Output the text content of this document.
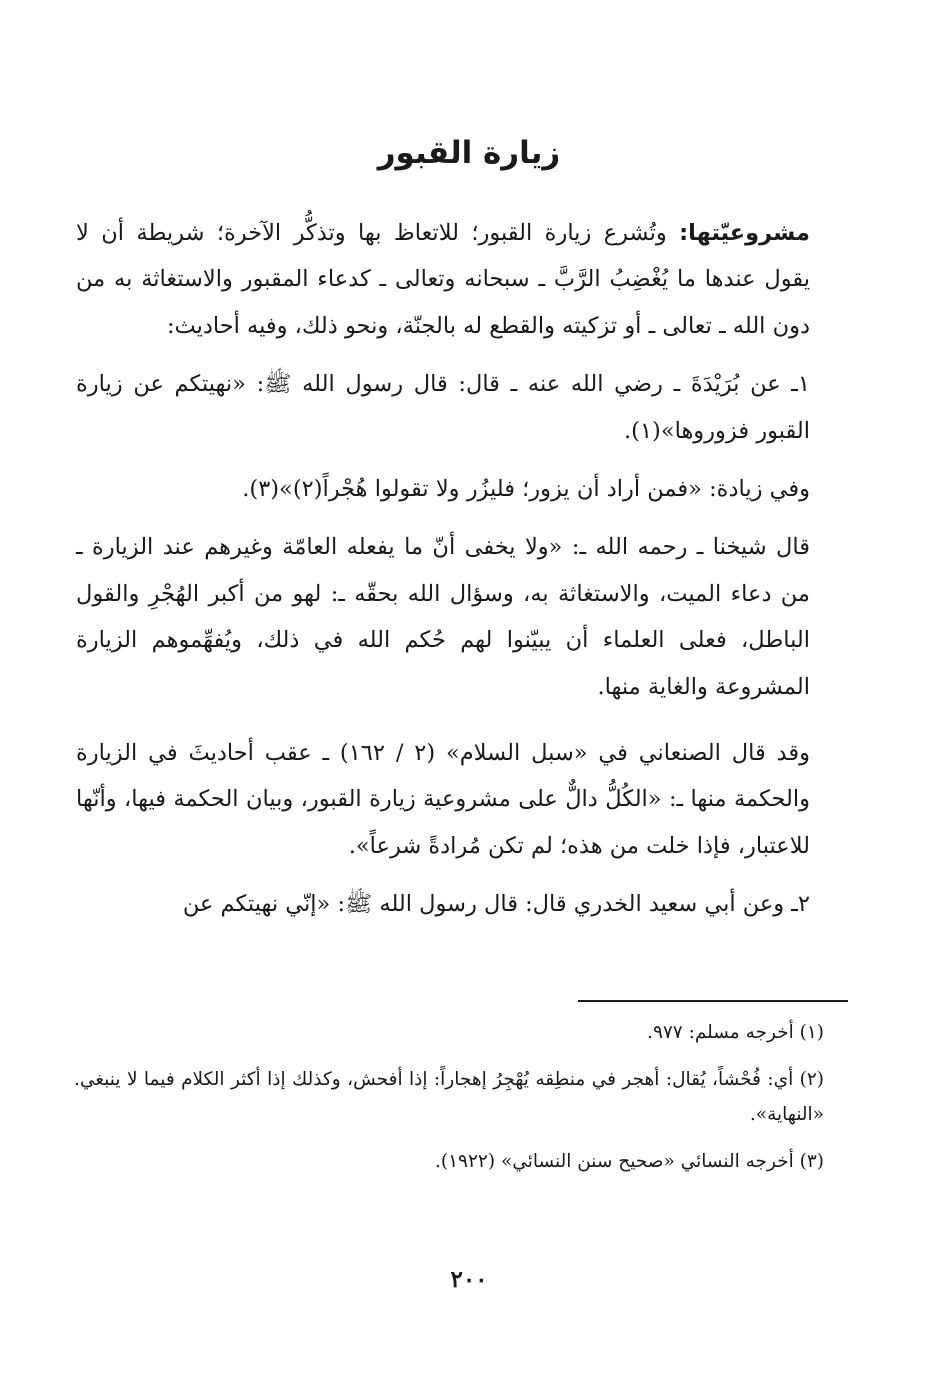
زيارة القبور

مشروعيّتها: وتُشرع زيارة القبور؛ للاتعاظ بها وتذكُّر الآخرة؛ شريطة أن لا يقول عندها ما يُغْضِبُ الرَّبَّ ـ سبحانه وتعالى ـ كدعاء المقبور والاستغاثة به من دون الله ـ تعالى ـ أو تزكيته والقطع له بالجنّة، ونحو ذلك، وفيه أحاديث:

١ـ عن بُرَيْدَةَ ـ رضي الله عنه ـ قال: قال رسول الله ﷺ: «نهيتكم عن زيارة القبور فزوروها»(١).

وفي زيادة: «فمن أراد أن يزور؛ فليزُر ولا تقولوا هُجْراً(٢)»(٣).

قال شيخنا ـ رحمه الله ـ: «ولا يخفى أنّ ما يفعله العامّة وغيرهم عند الزيارة ـ من دعاء الميت، والاستغاثة به، وسؤال الله بحقّه ـ: لهو من أكبر الهُجْرِ والقول الباطل، فعلى العلماء أن يبيّنوا لهم حُكم الله في ذلك، ويُفهِّموهم الزيارة المشروعة والغاية منها.

وقد قال الصنعاني في «سبل السلام» (٢ / ١٦٢) ـ عقب أحاديثَ في الزيارة والحكمة منها ـ: «الكُلُّ دالٌّ على مشروعية زيارة القبور، وبيان الحكمة فيها، وأنّها للاعتبار، فإذا خلت من هذه؛ لم تكن مُرادةً شرعاً».

٢ـ وعن أبي سعيد الخدري قال: قال رسول الله ﷺ: «إنّي نهيتكم عن

(١) أخرجه مسلم: ٩٧٧.

(٢) أي: فُحْشاً، يُقال: أهجر في منطِقه يُهْجِرُ إهجاراً: إذا أفحش، وكذلك إذا أكثر الكلام فيما لا ينبغي. «النهاية».

(٣) أخرجه النسائي «صحيح سنن النسائي» (١٩٢٢).

٢٠٠
